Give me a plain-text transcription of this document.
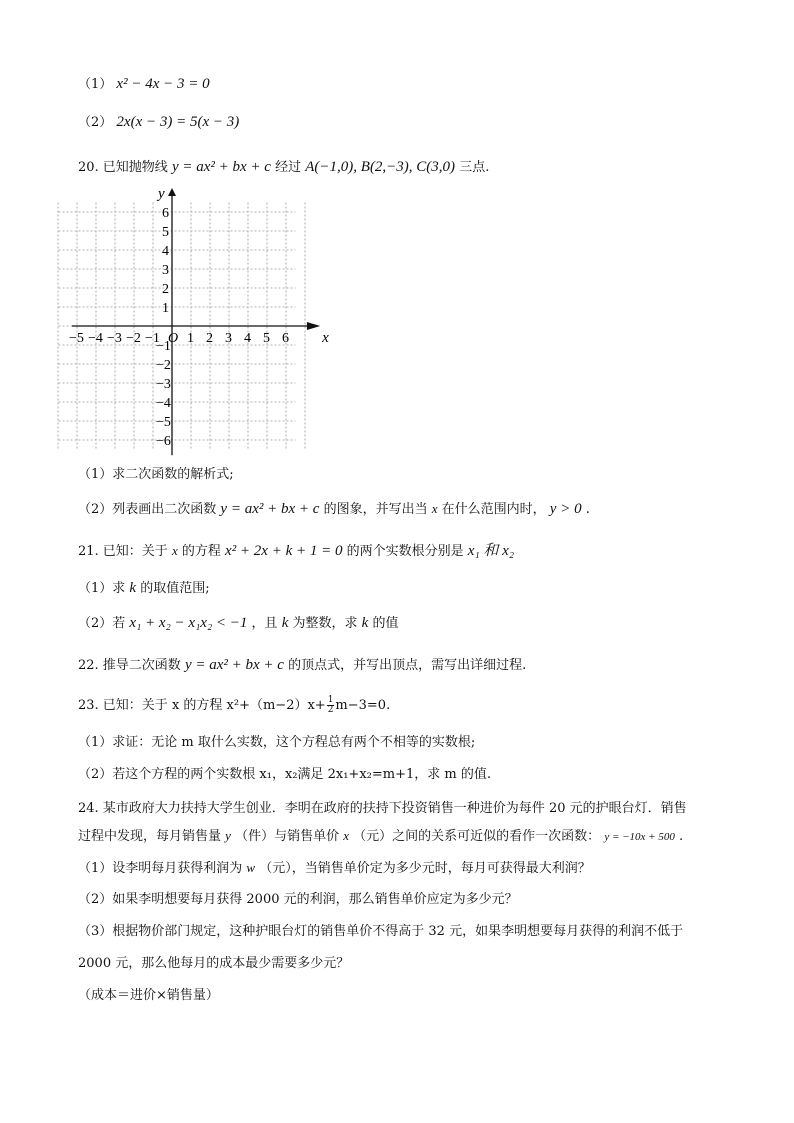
（1） x² − 4x − 3 = 0
（2） 2x(x − 3) = 5(x − 3)
20. 已知抛物线 y = ax² + bx + c 经过 A(−1,0), B(2,−3), C(3,0) 三点.
x
y
O
−5 −4 −3 −2 −1 1 2 3 4 5 6
6
5
4
3
2
1
−1
−2
−3
−4
−5
−6
（1）求二次函数的解析式;
（2）列表画出二次函数 y = ax² + bx + c 的图象，并写出当 x 在什么范围内时， y > 0 .
21. 已知：关于 x 的方程 x² + 2x + k + 1 = 0 的两个实数根分别是 x₁ 和 x₂
（1）求 k 的取值范围;
（2）若 x₁ + x₂ − x₁x₂ < −1 ，且 k 为整数，求 k 的值
22. 推导二次函数 y = ax² + bx + c 的顶点式，并写出顶点，需写出详细过程.
23. 已知：关于 x 的方程 $x^2+(m-2)x+ \frac{1}{2} m-3=0$.
（1）求证：无论 m 取什么实数，这个方程总有两个不相等的实数根;
（2）若这个方程的两个实数根 x₁，x₂满足 2x₁+x₂=m+1，求 m 的值.
24. 某市政府大力扶持大学生创业．李明在政府的扶持下投资销售一种进价为每件 20 元的护眼台灯．销售
过程中发现，每月销售量 y （件）与销售单价 x （元）之间的关系可近似的看作一次函数： y = −10x + 500 .
（1）设李明每月获得利润为 w （元），当销售单价定为多少元时，每月可获得最大利润？
（2）如果李明想要每月获得 2000 元的利润，那么销售单价应定为多少元？
（3）根据物价部门规定，这种护眼台灯的销售单价不得高于 32 元，如果李明想要每月获得的利润不低于
2000 元，那么他每月的成本最少需要多少元？
（成本＝进价×销售量）
